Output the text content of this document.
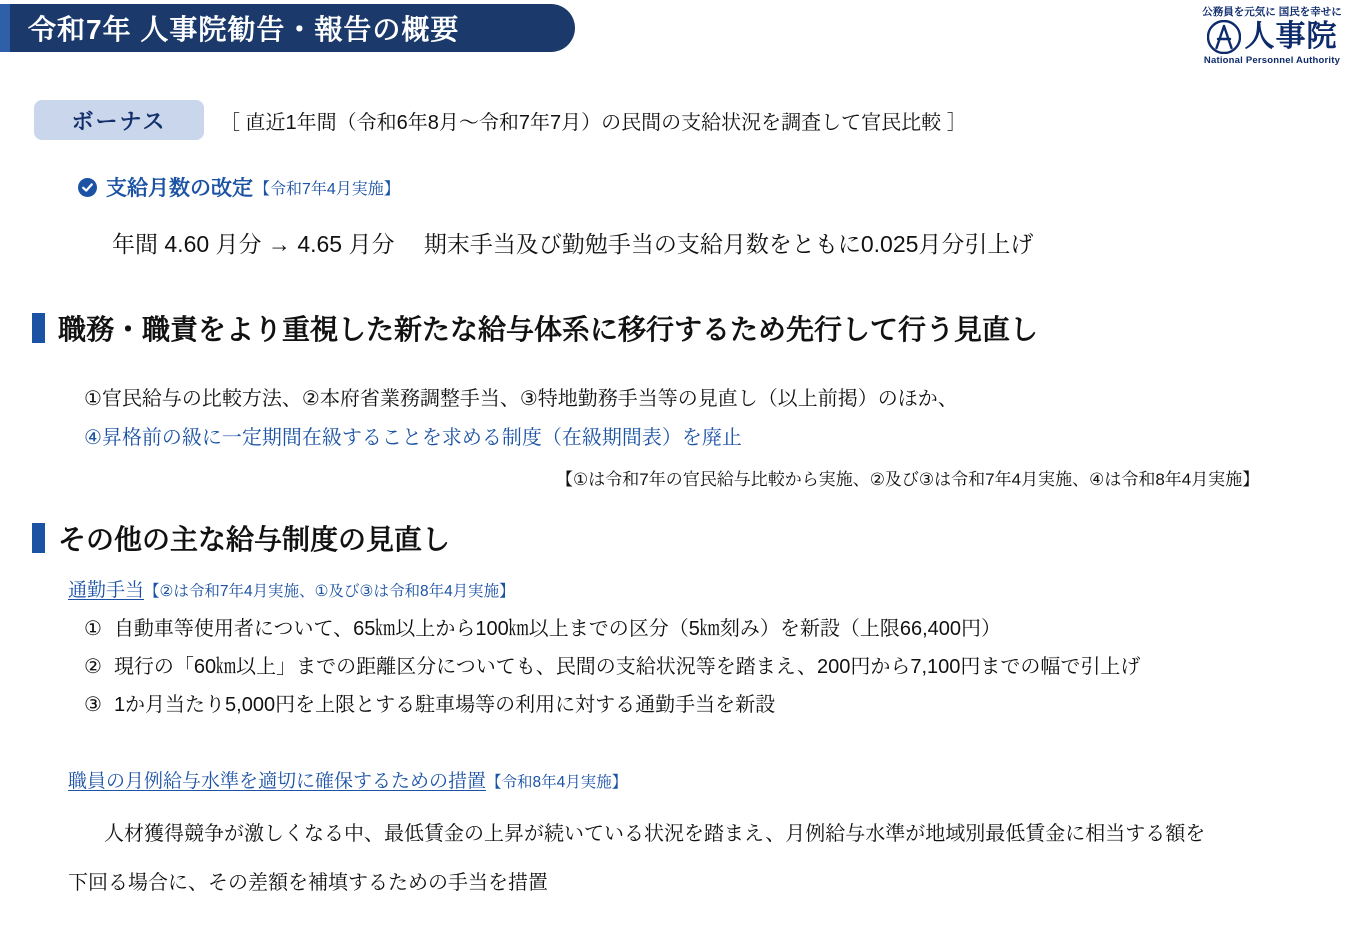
令和7年 人事院勧告・報告の概要
公務員を元気に 国民を幸せに
人事院
National Personnel Authority
ボーナス	［ 直近1年間（令和6年8月～令和7年7月）の民間の支給状況を調査して官民比較 ］
支給月数の改定 【令和7年4月実施】
年間 4.60 月分 → 4.65 月分　 期末手当及び勤勉手当の支給月数をともに0.025月分引上げ
職務・職責をより重視した新たな給与体系に移行するため先行して行う見直し
①官民給与の比較方法、②本府省業務調整手当、③特地勤務手当等の見直し（以上前掲）のほか、
④昇格前の級に一定期間在級することを求める制度（在級期間表）を廃止
【①は令和7年の官民給与比較から実施、②及び③は令和7年4月実施、④は令和8年4月実施】
その他の主な給与制度の見直し
通勤手当【②は令和7年4月実施、①及び③は令和8年4月実施】
① 自動車等使用者について、65㎞以上から100㎞以上までの区分（5㎞刻み）を新設（上限66,400円）
② 現行の「60㎞以上」までの距離区分についても、民間の支給状況等を踏まえ、200円から7,100円までの幅で引上げ
③ 1か月当たり5,000円を上限とする駐車場等の利用に対する通勤手当を新設
職員の月例給与水準を適切に確保するための措置【令和8年4月実施】
　人材獲得競争が激しくなる中、最低賃金の上昇が続いている状況を踏まえ、月例給与水準が地域別最低賃金に相当する額を
下回る場合に、その差額を補填するための手当を措置
